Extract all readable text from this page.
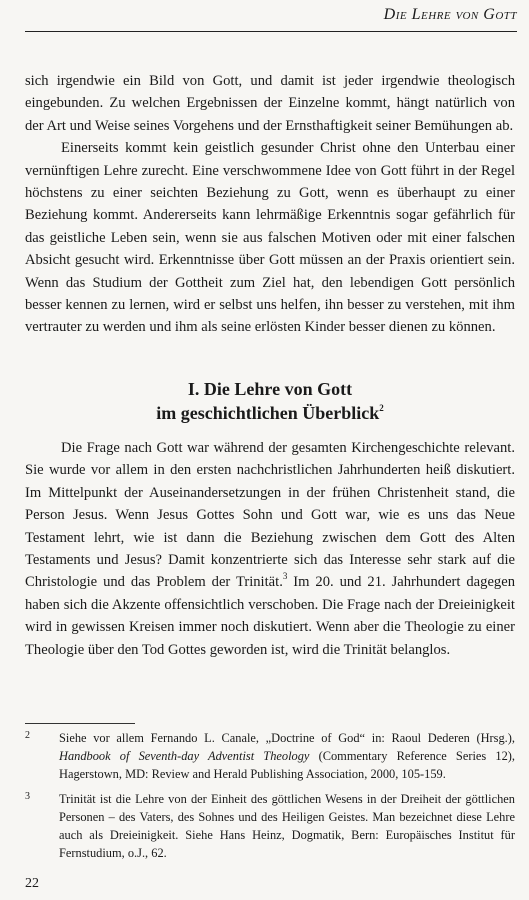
Die Lehre von Gott

sich irgendwie ein Bild von Gott, und damit ist jeder irgendwie theologisch eingebunden. Zu welchen Ergebnissen der Einzelne kommt, hängt natürlich von der Art und Weise seines Vorgehens und der Ernsthaftigkeit seiner Bemühungen ab.

Einerseits kommt kein geistlich gesunder Christ ohne den Unterbau einer vernünftigen Lehre zurecht. Eine verschwommene Idee von Gott führt in der Regel höchstens zu einer seichten Beziehung zu Gott, wenn es überhaupt zu einer Beziehung kommt. Andererseits kann lehrmäßige Erkenntnis sogar gefährlich für das geistliche Leben sein, wenn sie aus falschen Motiven oder mit einer falschen Absicht gesucht wird. Erkenntnisse über Gott müssen an der Praxis orientiert sein. Wenn das Studium der Gottheit zum Ziel hat, den lebendigen Gott persönlich besser kennen zu lernen, wird er selbst uns helfen, ihn besser zu verstehen, mit ihm vertrauter zu werden und ihm als seine erlösten Kinder besser dienen zu können.

I. Die Lehre von Gott
im geschichtlichen Überblick$^2$

Die Frage nach Gott war während der gesamten Kirchengeschichte relevant. Sie wurde vor allem in den ersten nachchristlichen Jahrhunderten heiß diskutiert. Im Mittelpunkt der Auseinandersetzungen in der frühen Christenheit stand, die Person Jesus. Wenn Jesus Gottes Sohn und Gott war, wie es uns das Neue Testament lehrt, wie ist dann die Beziehung zwischen dem Gott des Alten Testaments und Jesus? Damit konzentrierte sich das Interesse sehr stark auf die Christologie und das Problem der Trinität.$^3$ Im 20. und 21. Jahrhundert dagegen haben sich die Akzente offensichtlich verschoben. Die Frage nach der Dreieinigkeit wird in gewissen Kreisen immer noch diskutiert. Wenn aber die Theologie zu einer Theologie über den Tod Gottes geworden ist, wird die Trinität belanglos.

2	Siehe vor allem Fernando L. Canale, „Doctrine of God“ in: Raoul Dederen (Hrsg.), Handbook of Seventh-day Adventist Theology (Commentary Reference Series 12), Hagerstown, MD: Review and Herald Publishing Association, 2000, 105-159.
3	Trinität ist die Lehre von der Einheit des göttlichen Wesens in der Dreiheit der göttlichen Personen – des Vaters, des Sohnes und des Heiligen Geistes. Man bezeichnet diese Lehre auch als Dreieinigkeit. Siehe Hans Heinz, Dogmatik, Bern: Europäisches Institut für Fernstudium, o.J., 62.
22
